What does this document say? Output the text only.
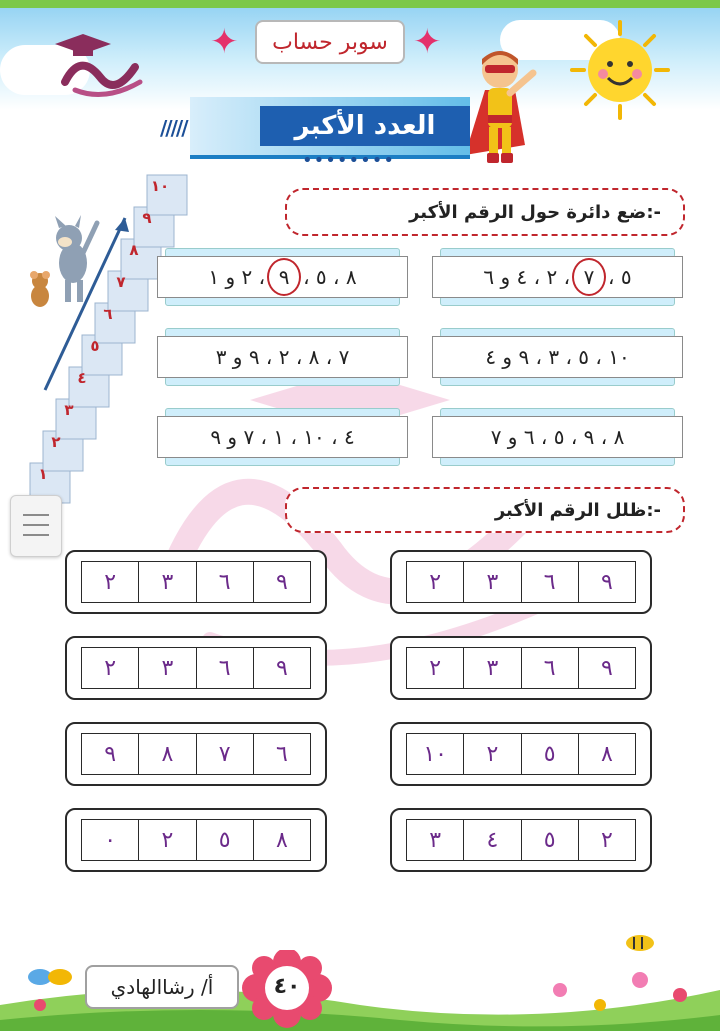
✦	✦
سوبر حساب
/////	العدد الأكبر
••••••••
١٠
٩
٨
٧
٦
٥
٤
٣
٢
١
ضع دائرة حول الرقم الأكبر:-
٥ ،
٧
، ٢ ، ٤ و ٦
٨ ، ٥ ،
٩
، ٢ و ١
١٠ ، ٥ ، ٣ ، ٩ و ٤
٧ ، ٨ ، ٢ ، ٩ و ٣
٨ ، ٩ ، ٥ ، ٦ و ٧
٤ ، ١٠ ، ١ ، ٧ و ٩
ظلل الرقم الأكبر:-
٩
٦
٣
٢
٩
٦
٣
٢
٩
٦
٣
٢
٩
٦
٣
٢
٨
٥
٢
١٠
٦
٧
٨
٩
٢
٥
٤
٣
٨
٥
٢
٠
٤٠
أ/ رشاالهادي
